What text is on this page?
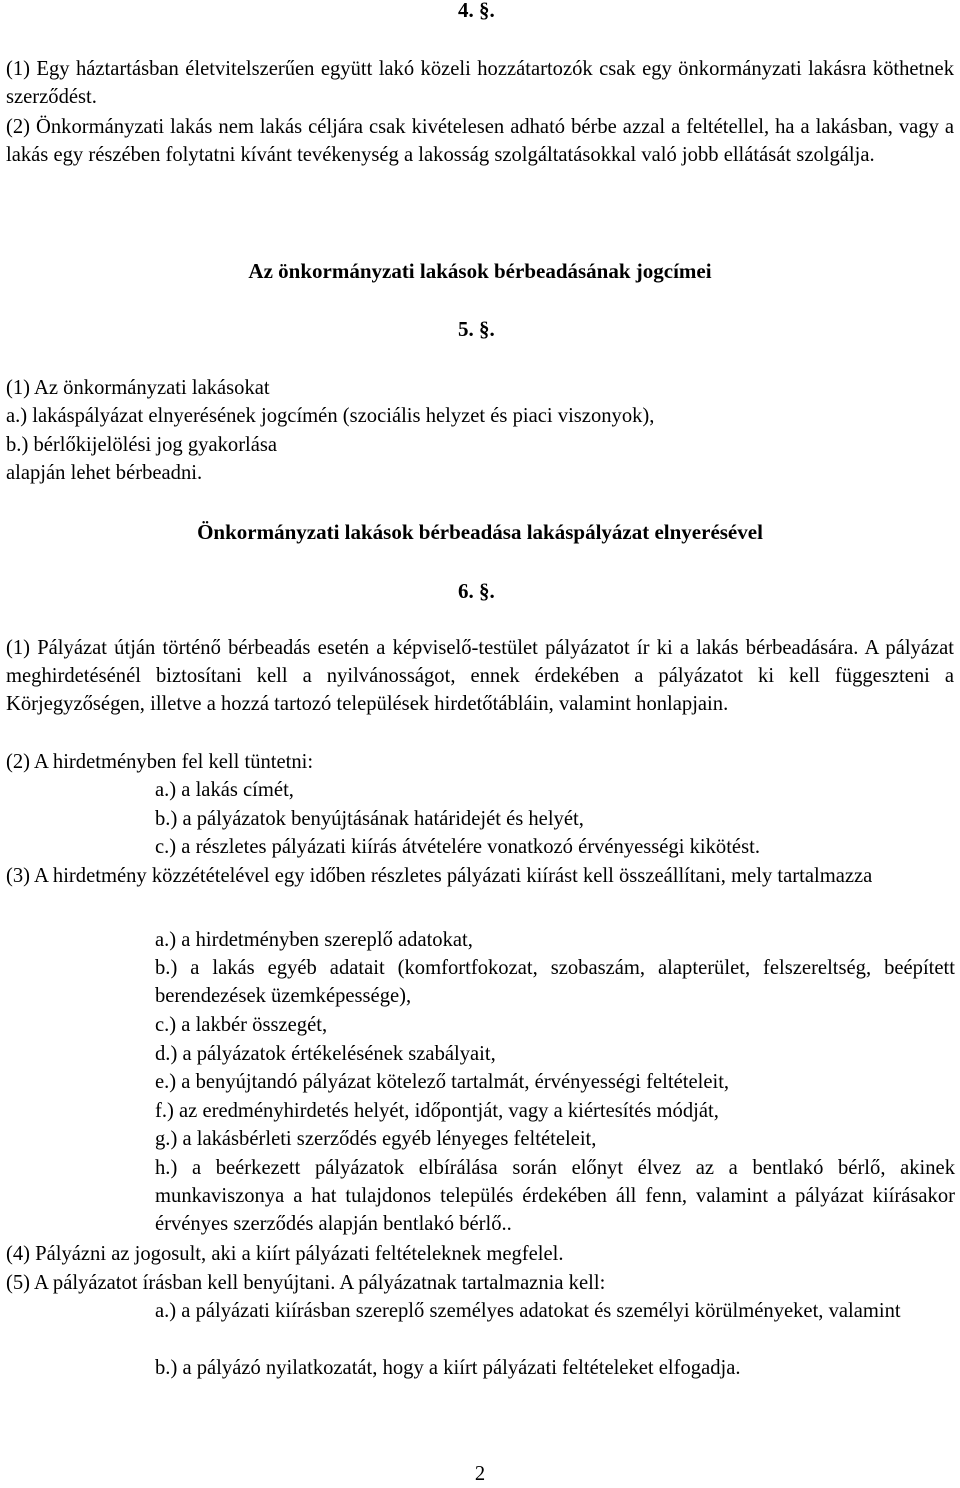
4. §.
(1) Egy háztartásban életvitelszerűen együtt lakó közeli hozzátartozók csak egy önkormányzati lakásra köthetnek szerződést.
(2) Önkormányzati lakás nem lakás céljára csak kivételesen adható bérbe azzal a feltétellel, ha a lakásban, vagy a lakás egy részében folytatni kívánt tevékenység a lakosság szolgáltatásokkal való jobb ellátását szolgálja.
Az önkormányzati lakások bérbeadásának jogcímei
5. §.
(1) Az önkormányzati lakásokat
a.) lakáspályázat elnyerésének jogcímén (szociális helyzet és piaci viszonyok),
b.) bérlőkijelölési jog gyakorlása
alapján lehet bérbeadni.
Önkormányzati lakások bérbeadása lakáspályázat elnyerésével
6. §.
(1) Pályázat útján történő bérbeadás esetén a képviselő-testület pályázatot ír ki a lakás bérbeadására. A pályázat meghirdetésénél biztosítani kell a nyilvánosságot, ennek érdekében a pályázatot ki kell függeszteni a Körjegyzőségen, illetve a hozzá tartozó települések hirdetőtábláin, valamint honlapjain.
(2) A hirdetményben fel kell tüntetni:
a.) a lakás címét,
b.) a pályázatok benyújtásának határidejét és helyét,
c.) a részletes pályázati kiírás átvételére vonatkozó érvényességi kikötést.
(3) A hirdetmény közzétételével egy időben részletes pályázati kiírást kell összeállítani, mely tartalmazza
a.) a hirdetményben szereplő adatokat,
b.) a lakás egyéb adatait (komfortfokozat, szobaszám, alapterület, felszereltség, beépített berendezések üzemképessége),
c.) a lakbér összegét,
d.) a pályázatok értékelésének szabályait,
e.) a benyújtandó pályázat kötelező tartalmát, érvényességi feltételeit,
f.) az eredményhirdetés helyét, időpontját, vagy a kiértesítés módját,
g.) a lakásbérleti szerződés egyéb lényeges feltételeit,
h.) a beérkezett pályázatok elbírálása során előnyt élvez az a bentlakó bérlő, akinek munkaviszonya a hat tulajdonos település érdekében áll fenn, valamint a pályázat kiírásakor érvényes szerződés alapján bentlakó bérlő..
(4) Pályázni az jogosult, aki a kiírt pályázati feltételeknek megfelel.
(5) A pályázatot írásban kell benyújtani. A pályázatnak tartalmaznia kell:
a.) a pályázati kiírásban szereplő személyes adatokat és személyi körülményeket, valamint
b.) a pályázó nyilatkozatát, hogy a kiírt pályázati feltételeket elfogadja.
2
